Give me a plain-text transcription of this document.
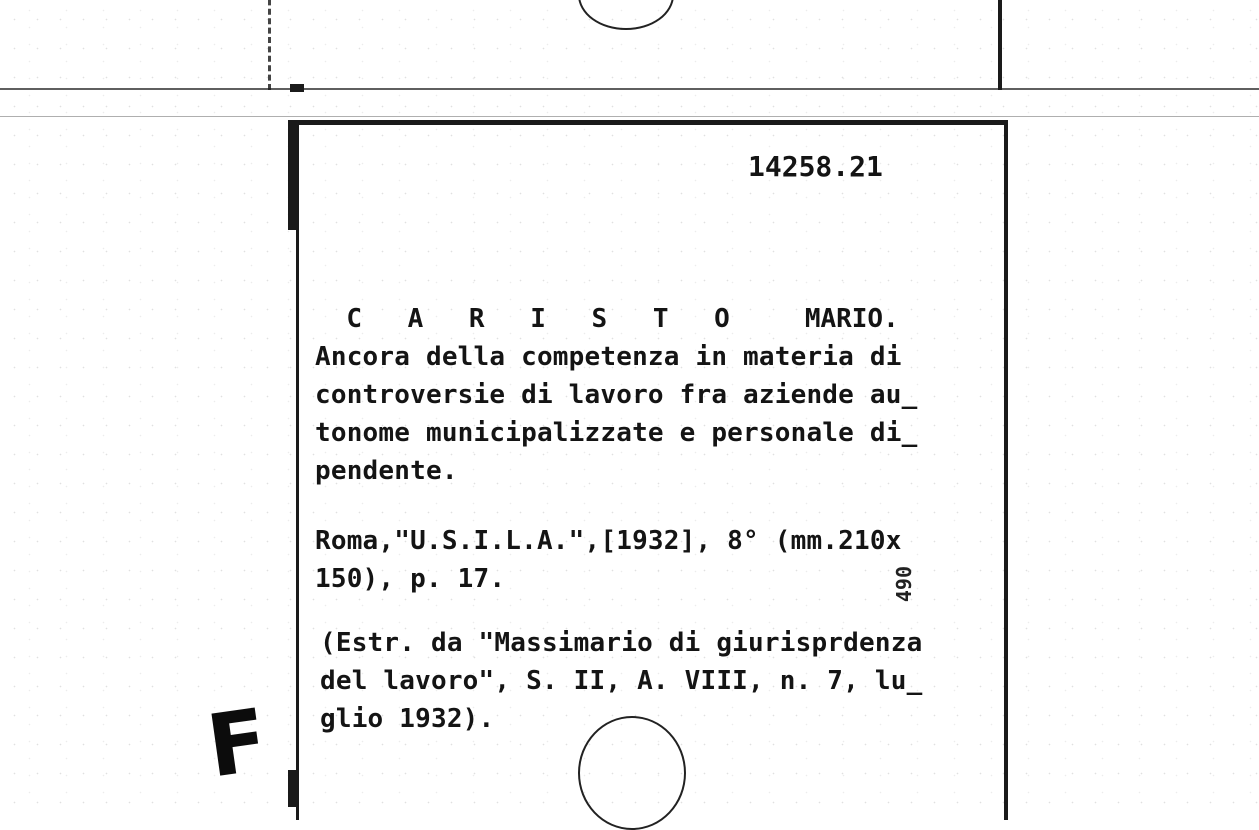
14258.21

C A R I S T O MARIO.

Ancora della competenza in materia di
controversie di lavoro fra aziende au_
tonome municipalizzate e personale di_
pendente.
Roma,"U.S.I.L.A.",[1932], 8° (mm.210x
150), p. 17.	490
(Estr. da "Massimario di giurisprdenza
del lavoro", S. II, A. VIII, n. 7, lu_
glio 1932).
F
